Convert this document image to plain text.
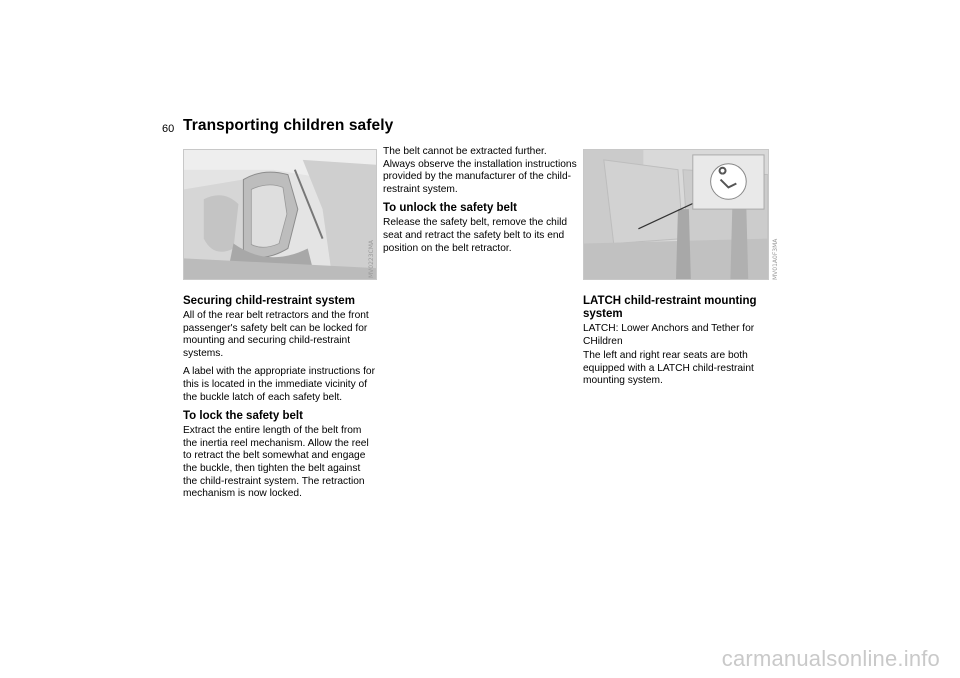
60 Transporting children safely
MV0223CMA	MV01A0F3MA
Securing child-restraint system

All of the rear belt retractors and the front passenger's safety belt can be locked for mounting and securing child-restraint systems.

A label with the appropriate instructions for this is located in the immediate vicinity of the buckle latch of each safety belt.

To lock the safety belt

Extract the entire length of the belt from the inertia reel mechanism. Allow the reel to retract the belt somewhat and engage the buckle, then tighten the belt against the child-restraint system. The retraction mechanism is now locked.

The belt cannot be extracted further. Always observe the installation instructions provided by the manufacturer of the child-restraint system.

To unlock the safety belt

Release the safety belt, remove the child seat and retract the safety belt to its end position on the belt retractor.

LATCH child-restraint mounting system

LATCH: Lower Anchors and Tether for CHildren

The left and right rear seats are both equipped with a LATCH child-restraint mounting system.

carmanualsonline.info
